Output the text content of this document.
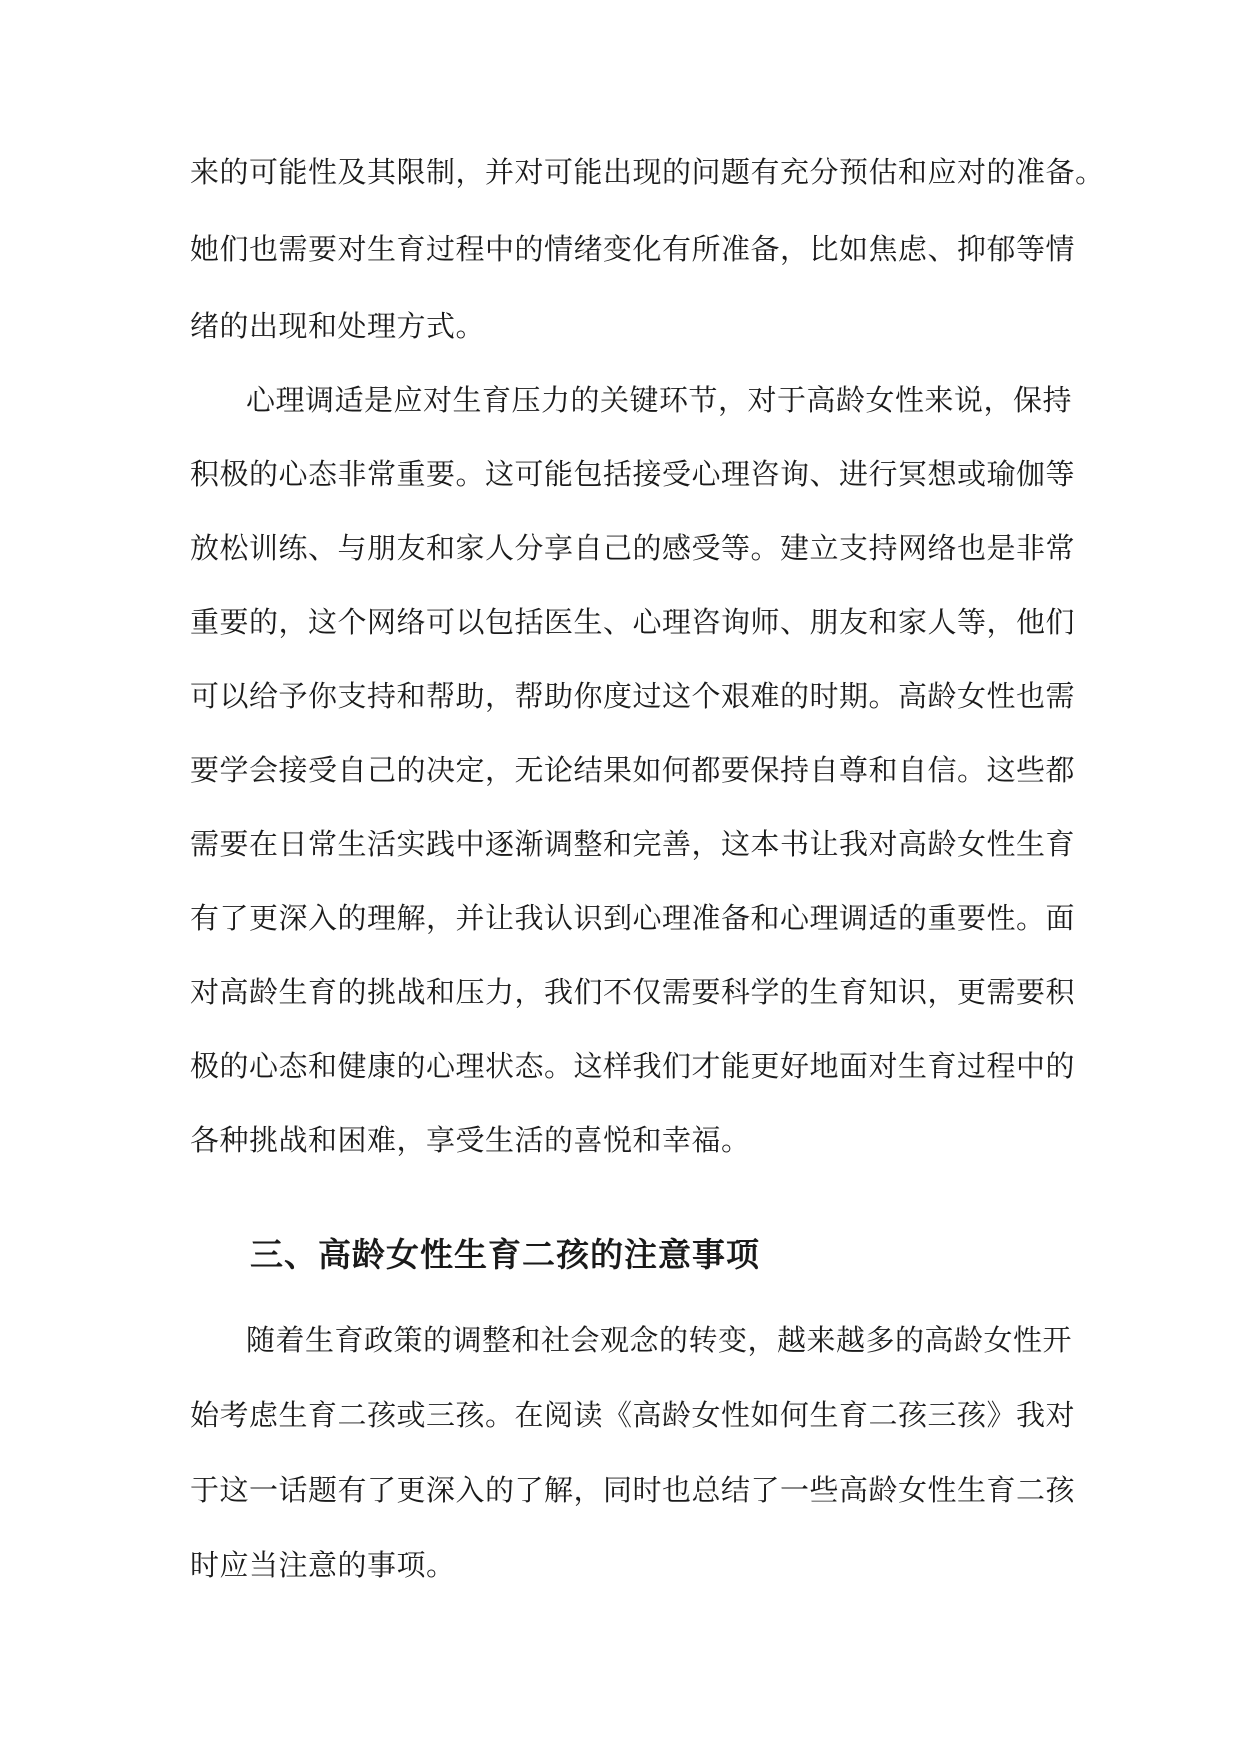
来的可能性及其限制，并对可能出现的问题有充分预估和应对的准备。
她们也需要对生育过程中的情绪变化有所准备，比如焦虑、抑郁等情
绪的出现和处理方式。
心理调适是应对生育压力的关键环节，对于高龄女性来说，保持
积极的心态非常重要。这可能包括接受心理咨询、进行冥想或瑜伽等
放松训练、与朋友和家人分享自己的感受等。建立支持网络也是非常
重要的，这个网络可以包括医生、心理咨询师、朋友和家人等，他们
可以给予你支持和帮助，帮助你度过这个艰难的时期。高龄女性也需
要学会接受自己的决定，无论结果如何都要保持自尊和自信。这些都
需要在日常生活实践中逐渐调整和完善，这本书让我对高龄女性生育
有了更深入的理解，并让我认识到心理准备和心理调适的重要性。面
对高龄生育的挑战和压力，我们不仅需要科学的生育知识，更需要积
极的心态和健康的心理状态。这样我们才能更好地面对生育过程中的
各种挑战和困难，享受生活的喜悦和幸福。
三、高龄女性生育二孩的注意事项
随着生育政策的调整和社会观念的转变，越来越多的高龄女性开
始考虑生育二孩或三孩。在阅读《高龄女性如何生育二孩三孩》我对
于这一话题有了更深入的了解，同时也总结了一些高龄女性生育二孩
时应当注意的事项。
